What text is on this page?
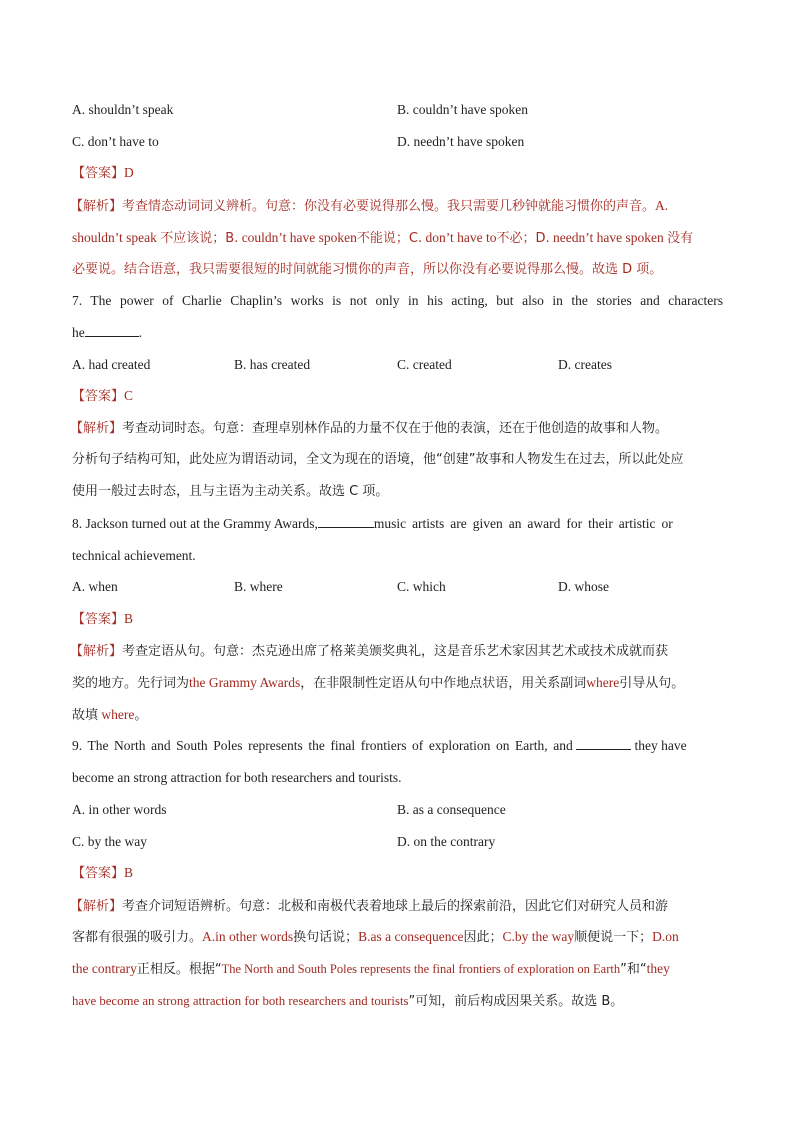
A. shouldn’t speak	B. couldn’t have spoken
C. don’t have to	D. needn’t have spoken
【答案】D
【解析】考查情态动词词义辨析。句意：你没有必要说得那么慢。我只需要几秒钟就能习惯你的声音。A.
shouldn’t speak 不应该说；B. couldn’t have spoken不能说；C. don’t have to不必；D. needn’t have spoken 没有
必要说。结合语意，我只需要很短的时间就能习惯你的声音，所以你没有必要说得那么慢。故选 D 项。
7. The power of Charlie Chaplin’s works is not only in his acting, but also in the stories and characters
he	.
A. had created	B. has created	C. created	D. creates
【答案】C
【解析】考查动词时态。句意：查理卓别林作品的力量不仅在于他的表演，还在于他创造的故事和人物。
分析句子结构可知，此处应为谓语动词，全文为现在的语境，他“创建”故事和人物发生在过去，所以此处应
使用一般过去时态，且与主语为主动关系。故选 C 项。
8. Jackson turned out at the Grammy Awards,	music artists are given an award for their artistic or
technical achievement.
A. when	B. where	C. which	D. whose
【答案】B
【解析】考查定语从句。句意：杰克逊出席了格莱美颁奖典礼，这是音乐艺术家因其艺术或技术成就而获
奖的地方。先行词为the Grammy Awards，在非限制性定语从句中作地点状语，用关系副词where引导从句。
故填 where。
9. The North and South Poles represents the final frontiers of exploration on Earth, and	they have
become an strong attraction for both researchers and tourists.
A. in other words	B. as a consequence
C. by the way	D. on the contrary
【答案】B
【解析】考查介词短语辨析。句意：北极和南极代表着地球上最后的探索前沿，因此它们对研究人员和游
客都有很强的吸引力。A.in other words换句话说；B.as a consequence因此；C.by the way顺便说一下；D.on
the contrary正相反。根据“The North and South Poles represents the final frontiers of exploration on Earth”和“they
have become an strong attraction for both researchers and tourists”可知，前后构成因果关系。故选 B。
